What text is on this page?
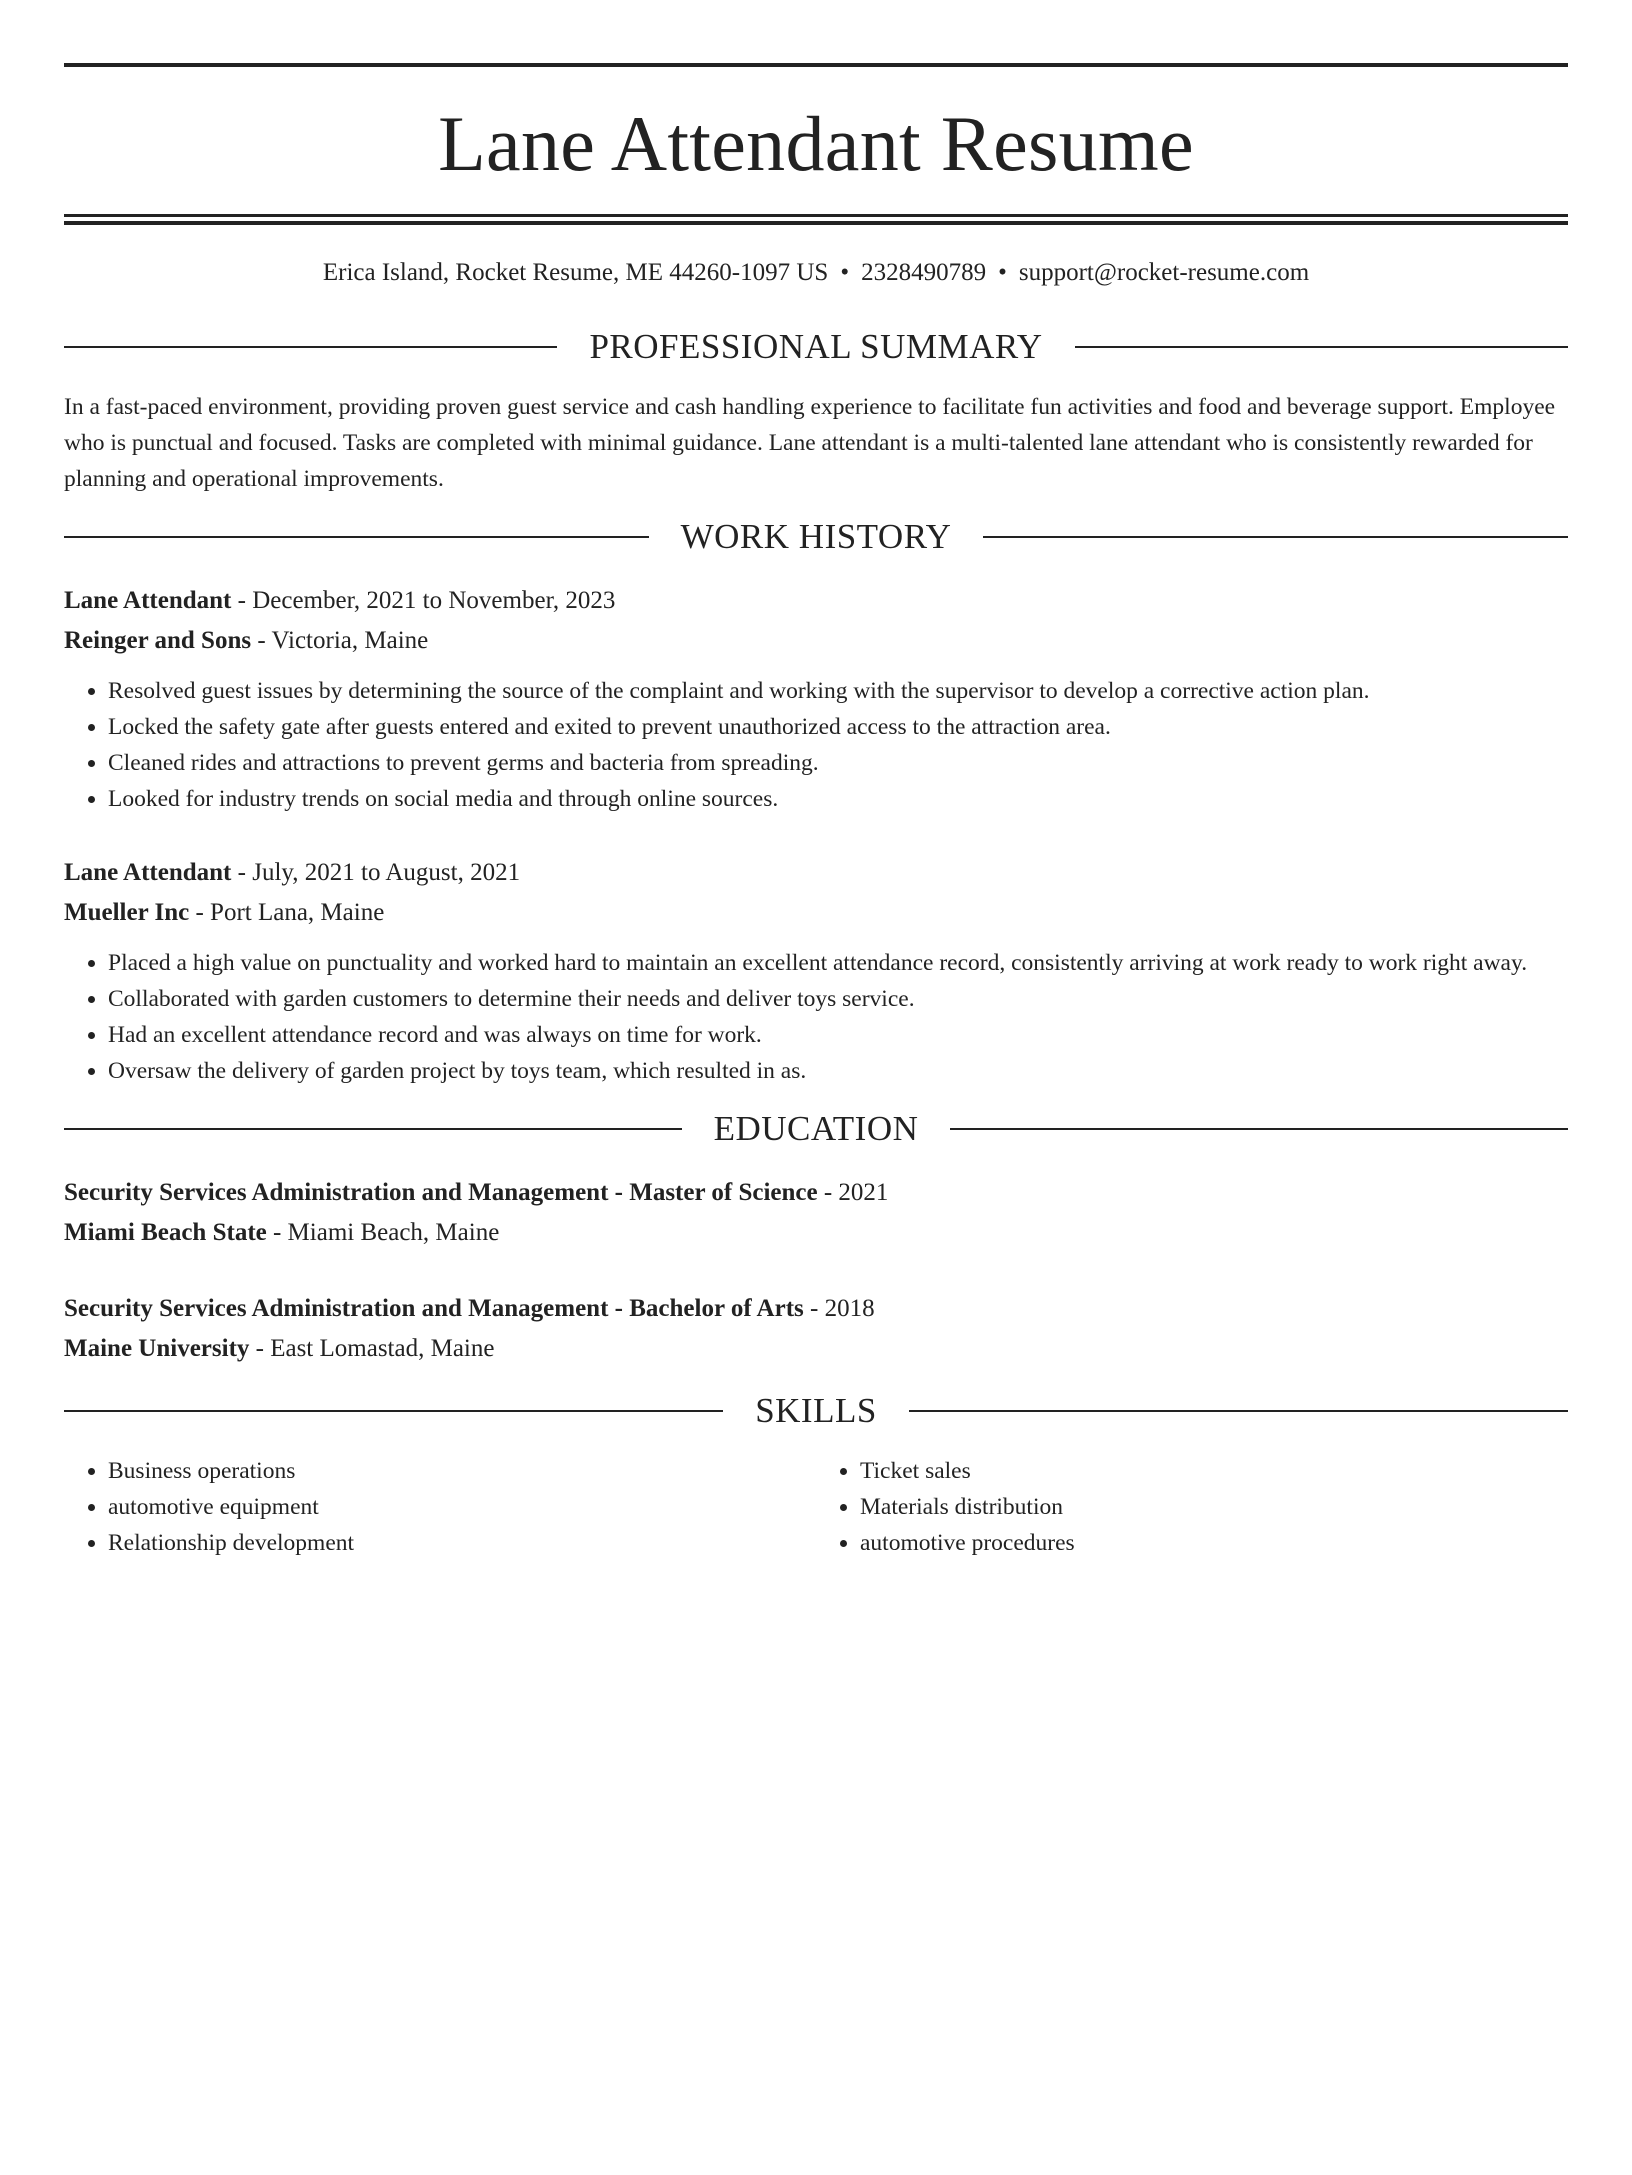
Lane Attendant Resume
Erica Island, Rocket Resume, ME 44260-1097 US • 2328490789 • support@rocket-resume.com
PROFESSIONAL SUMMARY
In a fast-paced environment, providing proven guest service and cash handling experience to facilitate fun activities and food and beverage support. Employee who is punctual and focused. Tasks are completed with minimal guidance. Lane attendant is a multi-talented lane attendant who is consistently rewarded for planning and operational improvements.
WORK HISTORY
Lane Attendant - December, 2021 to November, 2023
Reinger and Sons - Victoria, Maine
• Resolved guest issues by determining the source of the complaint and working with the supervisor to develop a corrective action plan.
• Locked the safety gate after guests entered and exited to prevent unauthorized access to the attraction area.
• Cleaned rides and attractions to prevent germs and bacteria from spreading.
• Looked for industry trends on social media and through online sources.
Lane Attendant - July, 2021 to August, 2021
Mueller Inc - Port Lana, Maine
• Placed a high value on punctuality and worked hard to maintain an excellent attendance record, consistently arriving at work ready to work right away.
• Collaborated with garden customers to determine their needs and deliver toys service.
• Had an excellent attendance record and was always on time for work.
• Oversaw the delivery of garden project by toys team, which resulted in as.
EDUCATION
Security Services Administration and Management - Master of Science - 2021
Miami Beach State - Miami Beach, Maine
Security Services Administration and Management - Bachelor of Arts - 2018
Maine University - East Lomastad, Maine
SKILLS
• Business operations
• automotive equipment
• Relationship development
• Ticket sales
• Materials distribution
• automotive procedures
